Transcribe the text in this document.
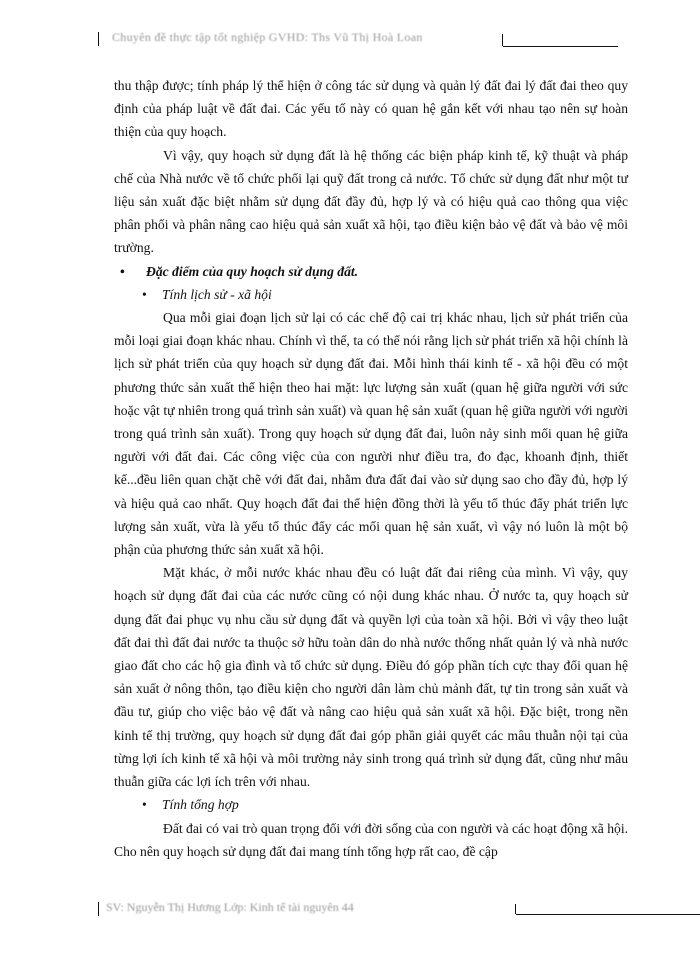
Chuyên đề thực tập tốt nghiệp GVHD: Ths Vũ Thị Hoà Loan

thu thập được; tính pháp lý thể hiện ở công tác sử dụng và quản lý đất đai lý đất đai theo quy định của pháp luật về đất đai. Các yếu tố này có quan hệ gắn kết với nhau tạo nên sự hoàn thiện của quy hoạch.

Vì vậy, quy hoạch sử dụng đất là hệ thống các biện pháp kinh tế, kỹ thuật và pháp chế của Nhà nước về tổ chức phối lại quỹ đất trong cả nước. Tổ chức sử dụng đất như một tư liệu sản xuất đặc biệt nhằm sử dụng đất đầy đủ, hợp lý và có hiệu quả cao thông qua việc phân phối và phân nâng cao hiệu quả sản xuất xã hội, tạo điều kiện bảo vệ đất và bảo vệ môi trường.

• Đặc điểm của quy hoạch sử dụng đất.

• Tính lịch sử - xã hội

Qua mỗi giai đoạn lịch sử lại có các chế độ cai trị khác nhau, lịch sử phát triển của mỗi loại giai đoạn khác nhau. Chính vì thế, ta có thể nói rằng lịch sử phát triển xã hội chính là lịch sử phát triển của quy hoạch sử dụng đất đai. Mỗi hình thái kinh tế - xã hội đều có một phương thức sản xuất thể hiện theo hai mặt: lực lượng sản xuất (quan hệ giữa người với sức hoặc vật tự nhiên trong quá trình sản xuất) và quan hệ sản xuất (quan hệ giữa người với người trong quá trình sản xuất). Trong quy hoạch sử dụng đất đai, luôn nảy sinh mối quan hệ giữa người với đất đai. Các công việc của con người như điều tra, đo đạc, khoanh định, thiết kế...đều liên quan chặt chẽ với đất đai, nhằm đưa đất đai vào sử dụng sao cho đầy đủ, hợp lý và hiệu quả cao nhất. Quy hoạch đất đai thể hiện đồng thời là yếu tố thúc đẩy phát triển lực lượng sản xuất, vừa là yếu tố thúc đẩy các mối quan hệ sản xuất, vì vậy nó luôn là một bộ phận của phương thức sản xuất xã hội.

Mặt khác, ở mỗi nước khác nhau đều có luật đất đai riêng của mình. Vì vậy, quy hoạch sử dụng đất đai của các nước cũng có nội dung khác nhau. Ở nước ta, quy hoạch sử dụng đất đai phục vụ nhu cầu sử dụng đất và quyền lợi của toàn xã hội. Bởi vì vậy theo luật đất đai thì đất đai nước ta thuộc sở hữu toàn dân do nhà nước thống nhất quản lý và nhà nước giao đất cho các hộ gia đình và tổ chức sử dụng. Điều đó góp phần tích cực thay đổi quan hệ sản xuất ở nông thôn, tạo điều kiện cho người dân làm chủ mảnh đất, tự tin trong sản xuất và đầu tư, giúp cho việc bảo vệ đất và nâng cao hiệu quả sản xuất xã hội. Đặc biệt, trong nền kinh tế thị trường, quy hoạch sử dụng đất đai góp phần giải quyết các mâu thuẫn nội tại của từng lợi ích kinh tế xã hội và môi trường nảy sinh trong quá trình sử dụng đất, cũng như mâu thuẫn giữa các lợi ích trên với nhau.

• Tính tổng hợp

Đất đai có vai trò quan trọng đối với đời sống của con người và các hoạt động xã hội. Cho nên quy hoạch sử dụng đất đai mang tính tổng hợp rất cao, đề cập

SV: Nguyễn Thị Hương Lớp: Kinh tế tài nguyên 44
